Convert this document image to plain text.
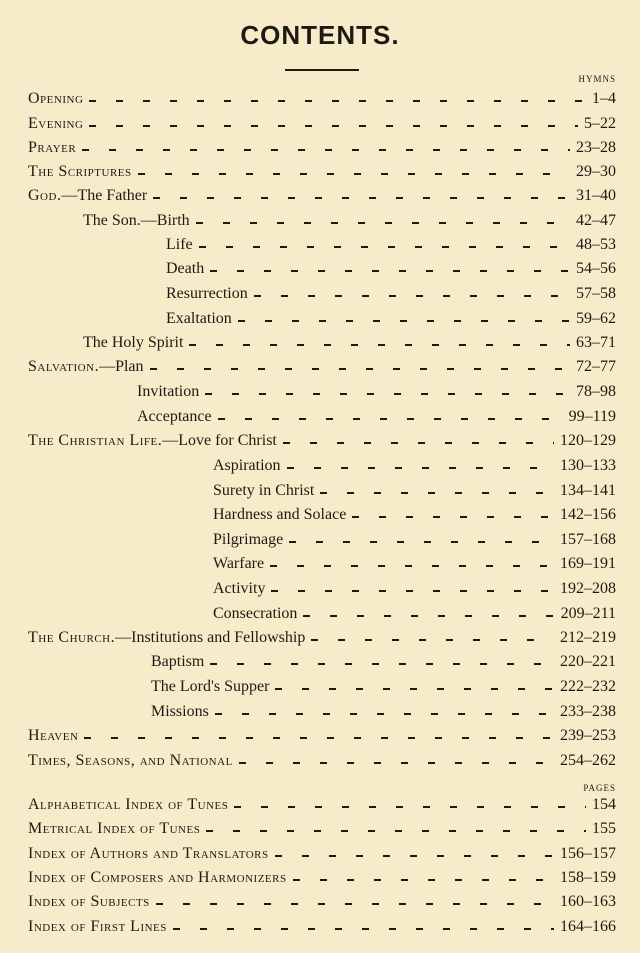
CONTENTS.
HYMNS
PAGES
Opening	1–4
Evening	5–22
Prayer	23–28
The Scriptures	29–30
God.—The Father	31–40
The Son.—Birth	42–47
Life	48–53
Death	54–56
Resurrection	57–58
Exaltation	59–62
The Holy Spirit	63–71
Salvation.—Plan	72–77
Invitation	78–98
Acceptance	99–119
The Christian Life.—Love for Christ	120–129
Aspiration	130–133
Surety in Christ	134–141
Hardness and Solace	142–156
Pilgrimage	157–168
Warfare	169–191
Activity	192–208
Consecration	209–211
The Church.—Institutions and Fellowship	212–219
Baptism	220–221
The Lord's Supper	222–232
Missions	233–238
Heaven	239–253
Times, Seasons, and National	254–262
Alphabetical Index of Tunes	154
Metrical Index of Tunes	155
Index of Authors and Translators	156–157
Index of Composers and Harmonizers	158–159
Index of Subjects	160–163
Index of First Lines	164–166
